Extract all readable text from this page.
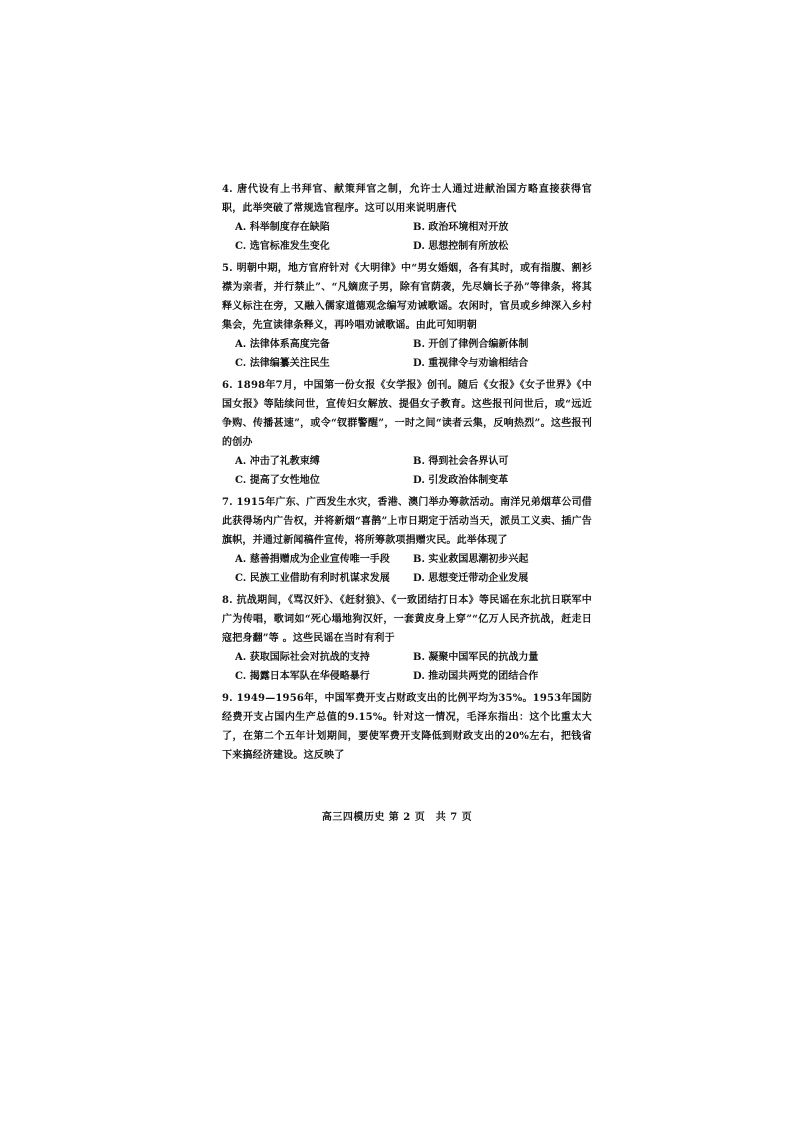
4. 唐代设有上书拜官、献策拜官之制，允许士人通过进献治国方略直接获得官职，此举突破了常规选官程序。这可以用来说明唐代

A. 科举制度存在缺陷	B. 政治环境相对开放
C. 选官标准发生变化	D. 思想控制有所放松

5. 明朝中期，地方官府针对《大明律》中“男女婚姻，各有其时，或有指腹、割衫襟为亲者，并行禁止”、“凡嫡庶子男，除有官荫袭，先尽嫡长子孙”等律条，将其释义标注在旁，又融入儒家道德观念编写劝诫歌谣。农闲时，官员或乡绅深入乡村集会，先宣读律条释义，再吟唱劝诫歌谣。由此可知明朝

A. 法律体系高度完备	B. 开创了律例合编新体制
C. 法律编纂关注民生	D. 重视律令与劝谕相结合

6. 1898年7月，中国第一份女报《女学报》创刊。随后《女报》《女子世界》《中国女报》等陆续问世，宣传妇女解放、提倡女子教育。这些报刊问世后，或“远近争购、传播甚速”，或令“钗群警醒”，一时之间“读者云集，反响热烈”。这些报刊的创办

A. 冲击了礼教束缚	B. 得到社会各界认可
C. 提高了女性地位	D. 引发政治体制变革

7. 1915年广东、广西发生水灾，香港、澳门举办筹款活动。南洋兄弟烟草公司借此获得场内广告权，并将新烟“喜鹊”上市日期定于活动当天，派员工义卖、插广告旗帜，并通过新闻稿件宣传，将所筹款项捐赠灾民。此举体现了

A. 慈善捐赠成为企业宣传唯一手段	B. 实业救国思潮初步兴起
C. 民族工业借助有利时机谋求发展	D. 思想变迁带动企业发展

8. 抗战期间，《骂汉奸》、《赶豺狼》、《一致团结打日本》等民谣在东北抗日联军中广为传唱，歌词如“死心塌地狗汉奸，一套黄皮身上穿”“亿万人民齐抗战，赶走日寇把身翻”等 。这些民谣在当时有利于

A. 获取国际社会对抗战的支持	B. 凝聚中国军民的抗战力量
C. 揭露日本军队在华侵略暴行	D. 推动国共两党的团结合作

9. 1949—1956年，中国军费开支占财政支出的比例平均为35%。1953年国防经费开支占国内生产总值的9.15%。针对这一情况，毛泽东指出：这个比重太大了，在第二个五年计划期间，要使军费开支降低到财政支出的20%左右，把钱省下来搞经济建设。这反映了

高三四模历史 第 2 页　共 7 页
